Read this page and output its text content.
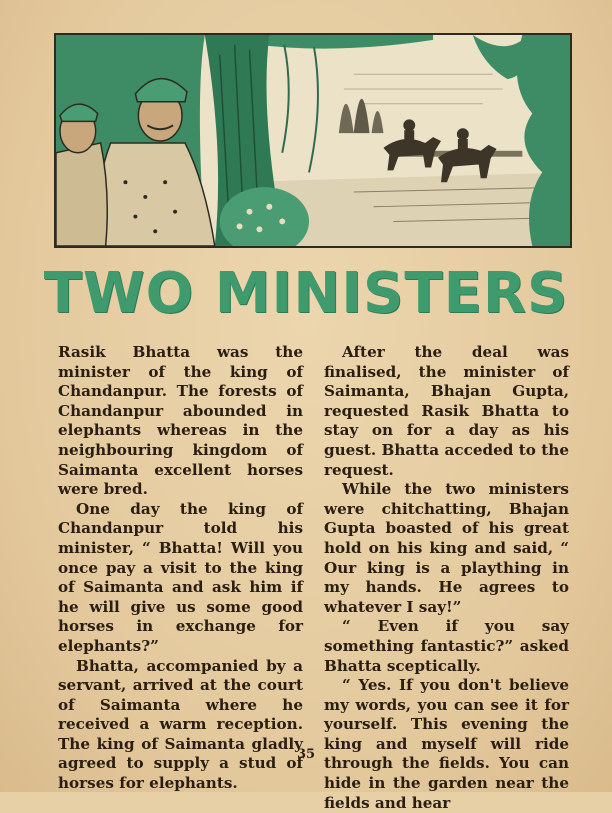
TWO MINISTERS

Rasik Bhatta was the minister of the king of Chandanpur. The forests of Chandanpur abounded in elephants whereas in the neighbouring kingdom of Saimanta excellent horses were bred.

One day the king of Chandanpur told his minister, “ Bhatta! Will you once pay a visit to the king of Saimanta and ask him if he will give us some good horses in exchange for elephants?”

Bhatta, accompanied by a servant, arrived at the court of Saimanta where he received a warm reception. The king of Saimanta gladly agreed to supply a stud of horses for elephants.

After the deal was finalised, the minister of Saimanta, Bhajan Gupta, requested Rasik Bhatta to stay on for a day as his guest. Bhatta acceded to the request.

While the two ministers were chitchatting, Bhajan Gupta boasted of his great hold on his king and said, “ Our king is a plaything in my hands. He agrees to whatever I say!”

“ Even if you say something fantastic?” asked Bhatta sceptically.

“ Yes. If you don't believe my words, you can see it for yourself. This evening the king and myself will ride through the fields. You can hide in the garden near the fields and hear

35
